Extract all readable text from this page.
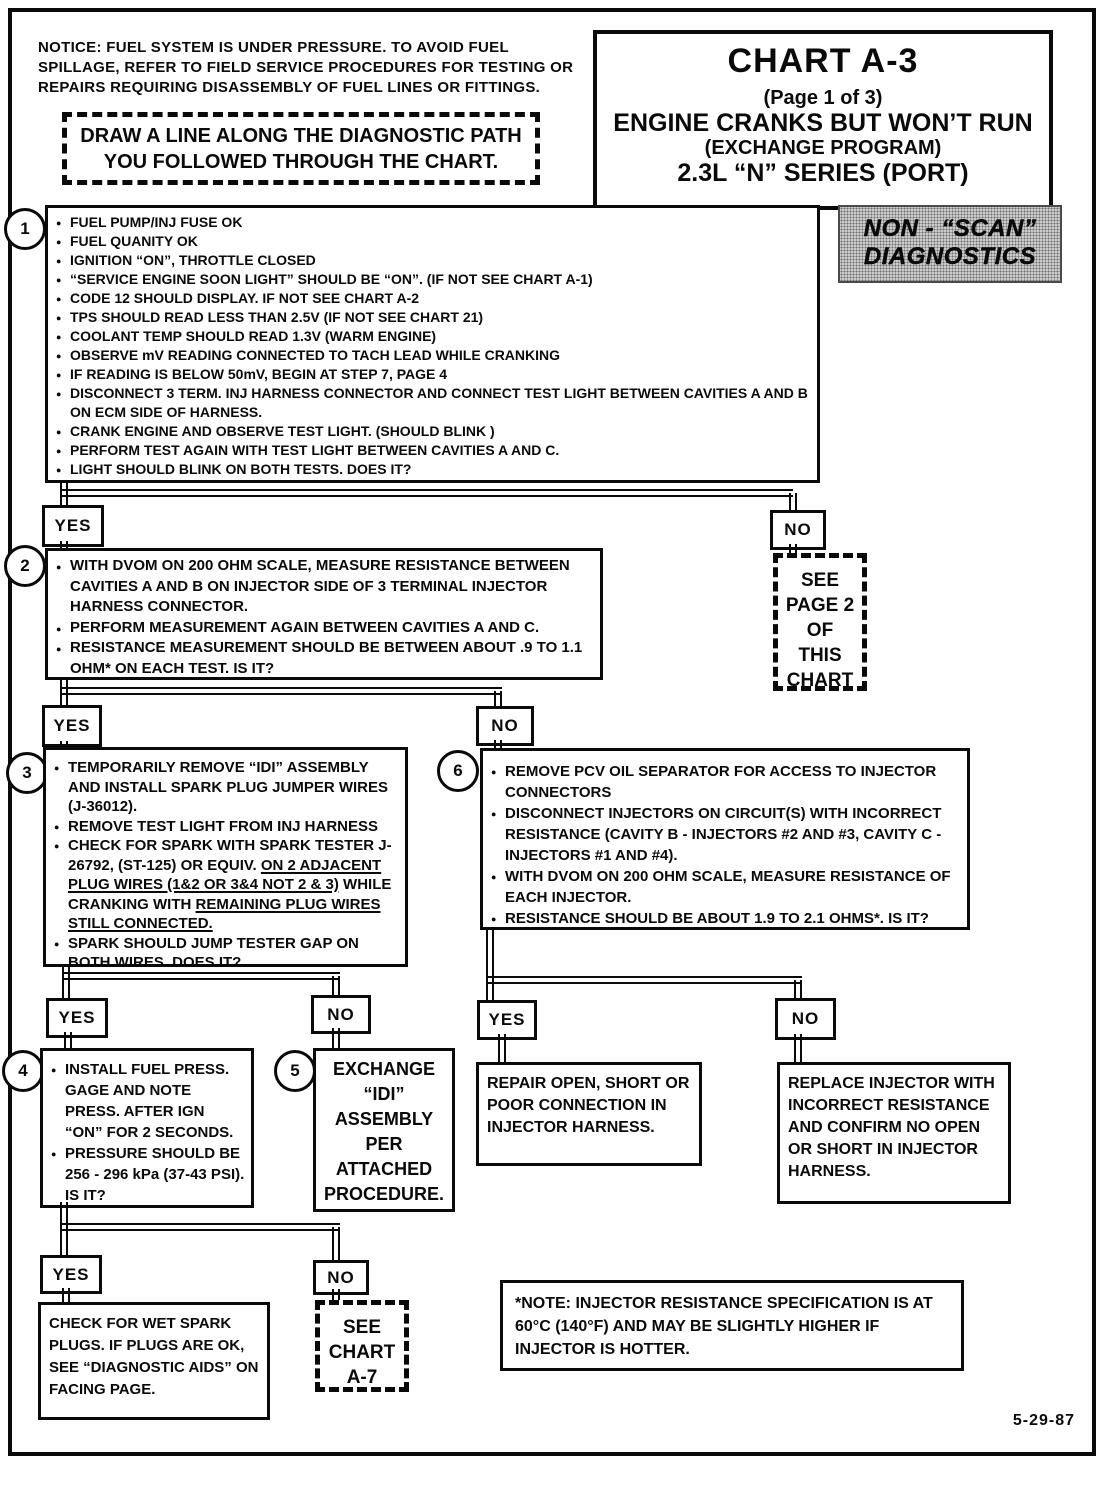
NOTICE: FUEL SYSTEM IS UNDER PRESSURE. TO AVOID FUEL SPILLAGE, REFER TO FIELD SERVICE PROCEDURES FOR TESTING OR REPAIRS REQUIRING DISASSEMBLY OF FUEL LINES OR FITTINGS.
DRAW A LINE ALONG THE DIAGNOSTIC PATH YOU FOLLOWED THROUGH THE CHART.
CHART A-3
(Page 1 of 3)
ENGINE CRANKS BUT WON’T RUN
(EXCHANGE PROGRAM)
2.3L “N” SERIES (PORT)
NON - “SCAN”
DIAGNOSTICS
1
2
3	6
4	5
● FUEL PUMP/INJ FUSE OK
● FUEL QUANITY OK
● IGNITION “ON”, THROTTLE CLOSED
● “SERVICE ENGINE SOON LIGHT” SHOULD BE “ON”. (IF NOT SEE CHART A-1)
● CODE 12 SHOULD DISPLAY. IF NOT SEE CHART A-2
● TPS SHOULD READ LESS THAN 2.5V (IF NOT SEE CHART 21)
● COOLANT TEMP SHOULD READ 1.3V (WARM ENGINE)
● OBSERVE mV READING CONNECTED TO TACH LEAD WHILE CRANKING
● IF READING IS BELOW 50mV, BEGIN AT STEP 7, PAGE 4
● DISCONNECT 3 TERM. INJ HARNESS CONNECTOR AND CONNECT TEST LIGHT BETWEEN CAVITIES A AND B ON ECM SIDE OF HARNESS.
● CRANK ENGINE AND OBSERVE TEST LIGHT. (SHOULD BLINK )
● PERFORM TEST AGAIN WITH TEST LIGHT BETWEEN CAVITIES A AND C.
● LIGHT SHOULD BLINK ON BOTH TESTS. DOES IT?
YES	NO
SEE
PAGE 2
OF
THIS
CHART
● WITH DVOM ON 200 OHM SCALE, MEASURE RESISTANCE BETWEEN CAVITIES A AND B ON INJECTOR SIDE OF 3 TERMINAL INJECTOR HARNESS CONNECTOR.
● PERFORM MEASUREMENT AGAIN BETWEEN CAVITIES A AND C.
● RESISTANCE MEASUREMENT SHOULD BE BETWEEN ABOUT .9 TO 1.1 OHM* ON EACH TEST. IS IT?
YES	NO
● TEMPORARILY REMOVE “IDI” ASSEMBLY AND INSTALL SPARK PLUG JUMPER WIRES (J-36012).
● REMOVE TEST LIGHT FROM INJ HARNESS
● CHECK FOR SPARK WITH SPARK TESTER J-26792, (ST-125) OR EQUIV. ON 2 ADJACENT PLUG WIRES (1&2 OR 3&4 NOT 2 & 3) WHILE CRANKING WITH REMAINING PLUG WIRES STILL CONNECTED.
● SPARK SHOULD JUMP TESTER GAP ON BOTH WIRES. DOES IT?
● REMOVE PCV OIL SEPARATOR FOR ACCESS TO INJECTOR CONNECTORS
● DISCONNECT INJECTORS ON CIRCUIT(S) WITH INCORRECT RESISTANCE (CAVITY B - INJECTORS #2 AND #3, CAVITY C - INJECTORS #1 AND #4).
● WITH DVOM ON 200 OHM SCALE, MEASURE RESISTANCE OF EACH INJECTOR.
● RESISTANCE SHOULD BE ABOUT 1.9 TO 2.1 OHMS*. IS IT?
YES	NO	YES	NO
● INSTALL FUEL PRESS. GAGE AND NOTE PRESS. AFTER IGN “ON” FOR 2 SECONDS.
● PRESSURE SHOULD BE 256 - 296 kPa (37-43 PSI). IS IT?
EXCHANGE
“IDI”
ASSEMBLY
PER
ATTACHED
PROCEDURE.
REPAIR OPEN, SHORT OR POOR CONNECTION IN INJECTOR HARNESS.
REPLACE INJECTOR WITH INCORRECT RESISTANCE AND CONFIRM NO OPEN OR SHORT IN INJECTOR HARNESS.
YES	NO
CHECK FOR WET SPARK PLUGS. IF PLUGS ARE OK, SEE “DIAGNOSTIC AIDS” ON FACING PAGE.
SEE
CHART
A-7
*NOTE: INJECTOR RESISTANCE SPECIFICATION IS AT 60°C (140°F) AND MAY BE SLIGHTLY HIGHER IF INJECTOR IS HOTTER.
5-29-87
